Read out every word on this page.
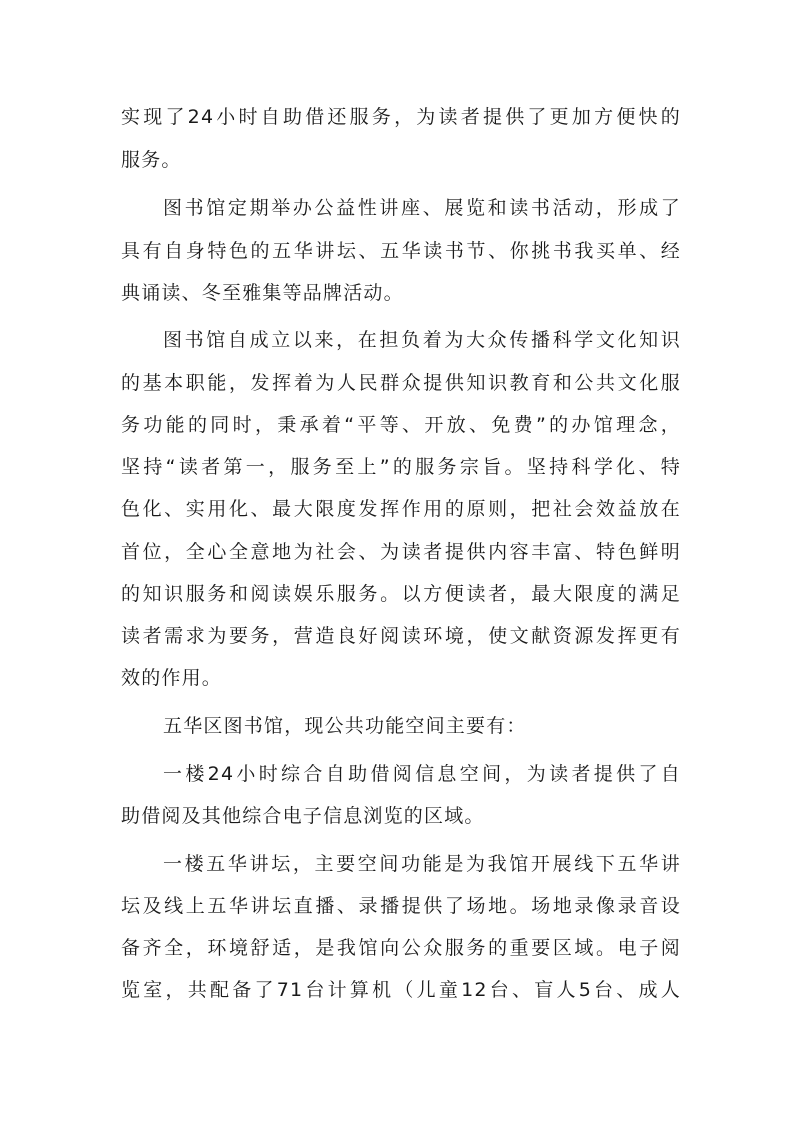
实现了24小时自助借还服务，为读者提供了更加方便快的
服务。
图书馆定期举办公益性讲座、展览和读书活动，形成了
具有自身特色的五华讲坛、五华读书节、你挑书我买单、经
典诵读、冬至雅集等品牌活动。
图书馆自成立以来，在担负着为大众传播科学文化知识
的基本职能，发挥着为人民群众提供知识教育和公共文化服
务功能的同时，秉承着“平等、开放、免费”的办馆理念，
坚持“读者第一，服务至上”的服务宗旨。坚持科学化、特
色化、实用化、最大限度发挥作用的原则，把社会效益放在
首位，全心全意地为社会、为读者提供内容丰富、特色鲜明
的知识服务和阅读娱乐服务。以方便读者，最大限度的满足
读者需求为要务，营造良好阅读环境，使文献资源发挥更有
效的作用。
五华区图书馆，现公共功能空间主要有：
一楼24小时综合自助借阅信息空间，为读者提供了自
助借阅及其他综合电子信息浏览的区域。
一楼五华讲坛，主要空间功能是为我馆开展线下五华讲
坛及线上五华讲坛直播、录播提供了场地。场地录像录音设
备齐全，环境舒适，是我馆向公众服务的重要区域。电子阅
览室，共配备了71台计算机（儿童12台、盲人5台、成人
